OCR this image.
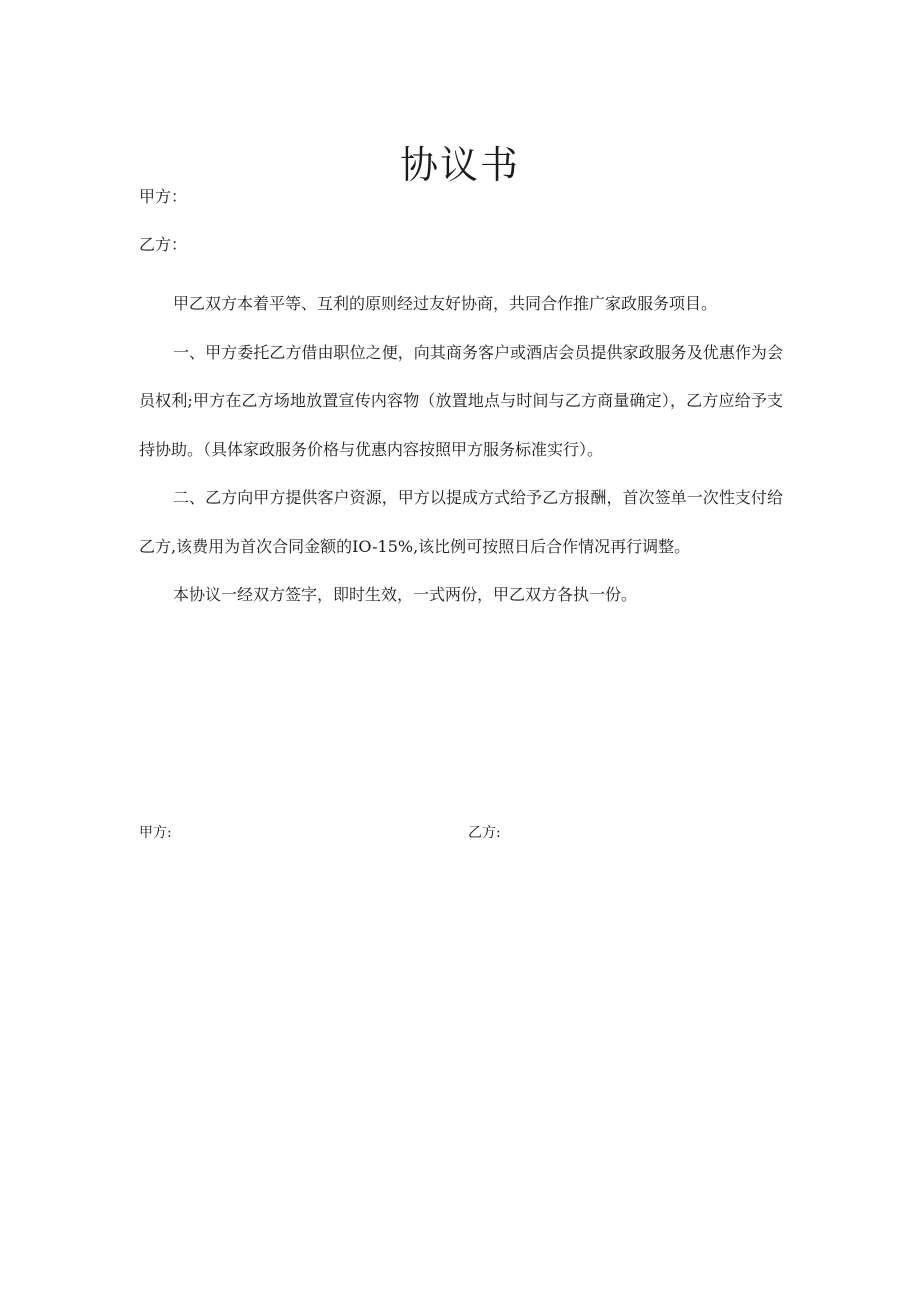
协议书
甲方：
乙方：

甲乙双方本着平等、互利的原则经过友好协商，共同合作推广家政服务项目。

一、甲方委托乙方借由职位之便，向其商务客户或酒店会员提供家政服务及优惠作为会员权利;甲方在乙方场地放置宣传内容物（放置地点与时间与乙方商量确定），乙方应给予支持协助。（具体家政服务价格与优惠内容按照甲方服务标准实行）。

二、乙方向甲方提供客户资源，甲方以提成方式给予乙方报酬，首次签单一次性支付给乙方,该费用为首次合同金额的IO-15%,该比例可按照日后合作情况再行调整。

本协议一经双方签字，即时生效，一式两份，甲乙双方各执一份。

甲方:	乙方:
